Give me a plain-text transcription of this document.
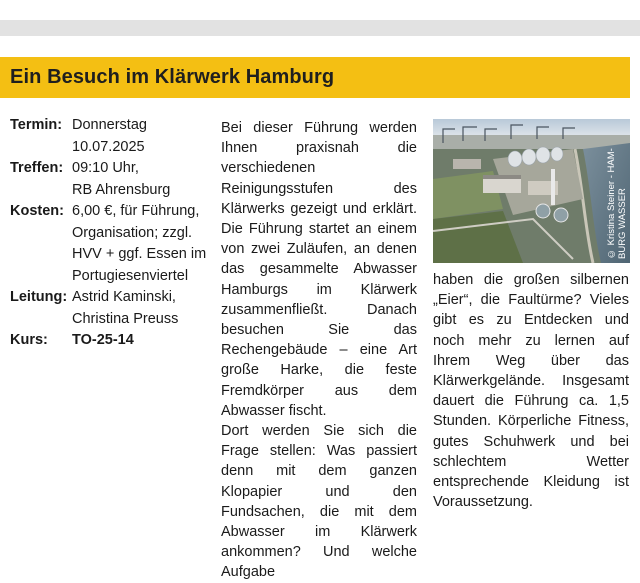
Ein Besuch im Klärwerk Hamburg
Termin: Donnerstag
10.07.2025
Treffen: 09:10 Uhr,
RB Ahrensburg
Kosten: 6,00 €, für Führung,
Organisation; zzgl.
HVV + ggf. Essen im
Portugiesenviertel
Leitung: Astrid Kaminski,
Christina Preuss
Kurs:	TO-25-14

Bei dieser Führung werden Ihnen praxisnah die verschiedenen Reinigungsstufen des Klärwerks gezeigt und erklärt. Die Führung startet an einem von zwei Zuläufen, an denen das gesammelte Abwasser Hamburgs im Klärwerk zusammenfließt. Danach besuchen Sie das Rechengebäude – eine Art große Harke, die feste Fremdkörper aus dem Abwasser fischt.

Dort werden Sie sich die Frage stellen: Was passiert denn mit dem ganzen Klopapier und den Fundsachen, die mit dem Abwasser im Klärwerk ankommen? Und welche Aufgabe

© Kristina Steiner - HAM- BURG WASSER

haben die großen silbernen „Eier“, die Faultürme? Vieles gibt es zu Entdecken und noch mehr zu lernen auf Ihrem Weg über das Klärwerkgelände. Insgesamt dauert die Führung ca. 1,5 Stunden. Körperliche Fitness, gutes Schuhwerk und bei schlechtem Wetter entsprechende Kleidung ist Voraussetzung.
